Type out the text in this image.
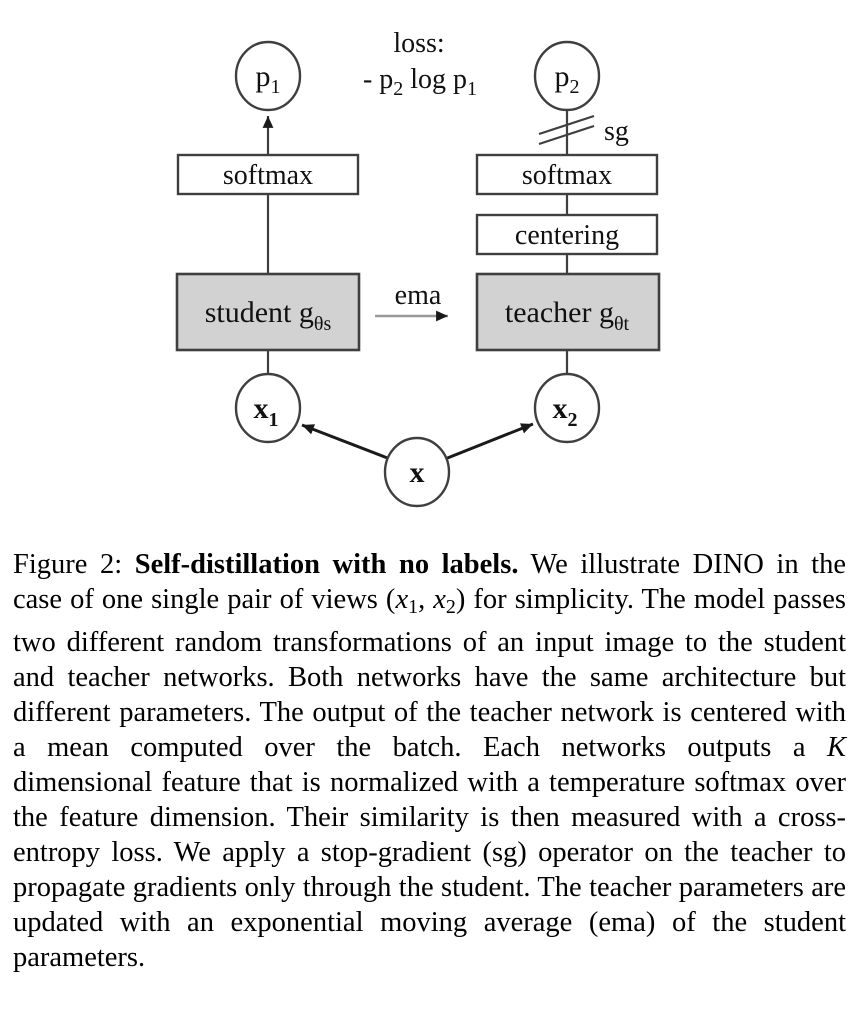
loss:
- $p_2$ $\log p_1$
$p_1$
softmax
student $g_{\theta s}$
$x_1$
$p_2$
sg
softmax
centering
teacher $g_{\theta t}$
$x_2$
ema
x

Figure 2: Self-distillation with no labels. We illustrate DINO in the case of one single pair of views (x1, x2) for simplicity. The model passes two different random transformations of an input image to the student and teacher networks. Both networks have the same architecture but different parameters. The output of the teacher network is centered with a mean computed over the batch. Each networks outputs a K dimensional feature that is normalized with a temperature softmax over the feature dimension. Their similarity is then measured with a cross-entropy loss. We apply a stop-gradient (sg) operator on the teacher to propagate gradients only through the student. The teacher parameters are updated with an exponential moving average (ema) of the student parameters.
